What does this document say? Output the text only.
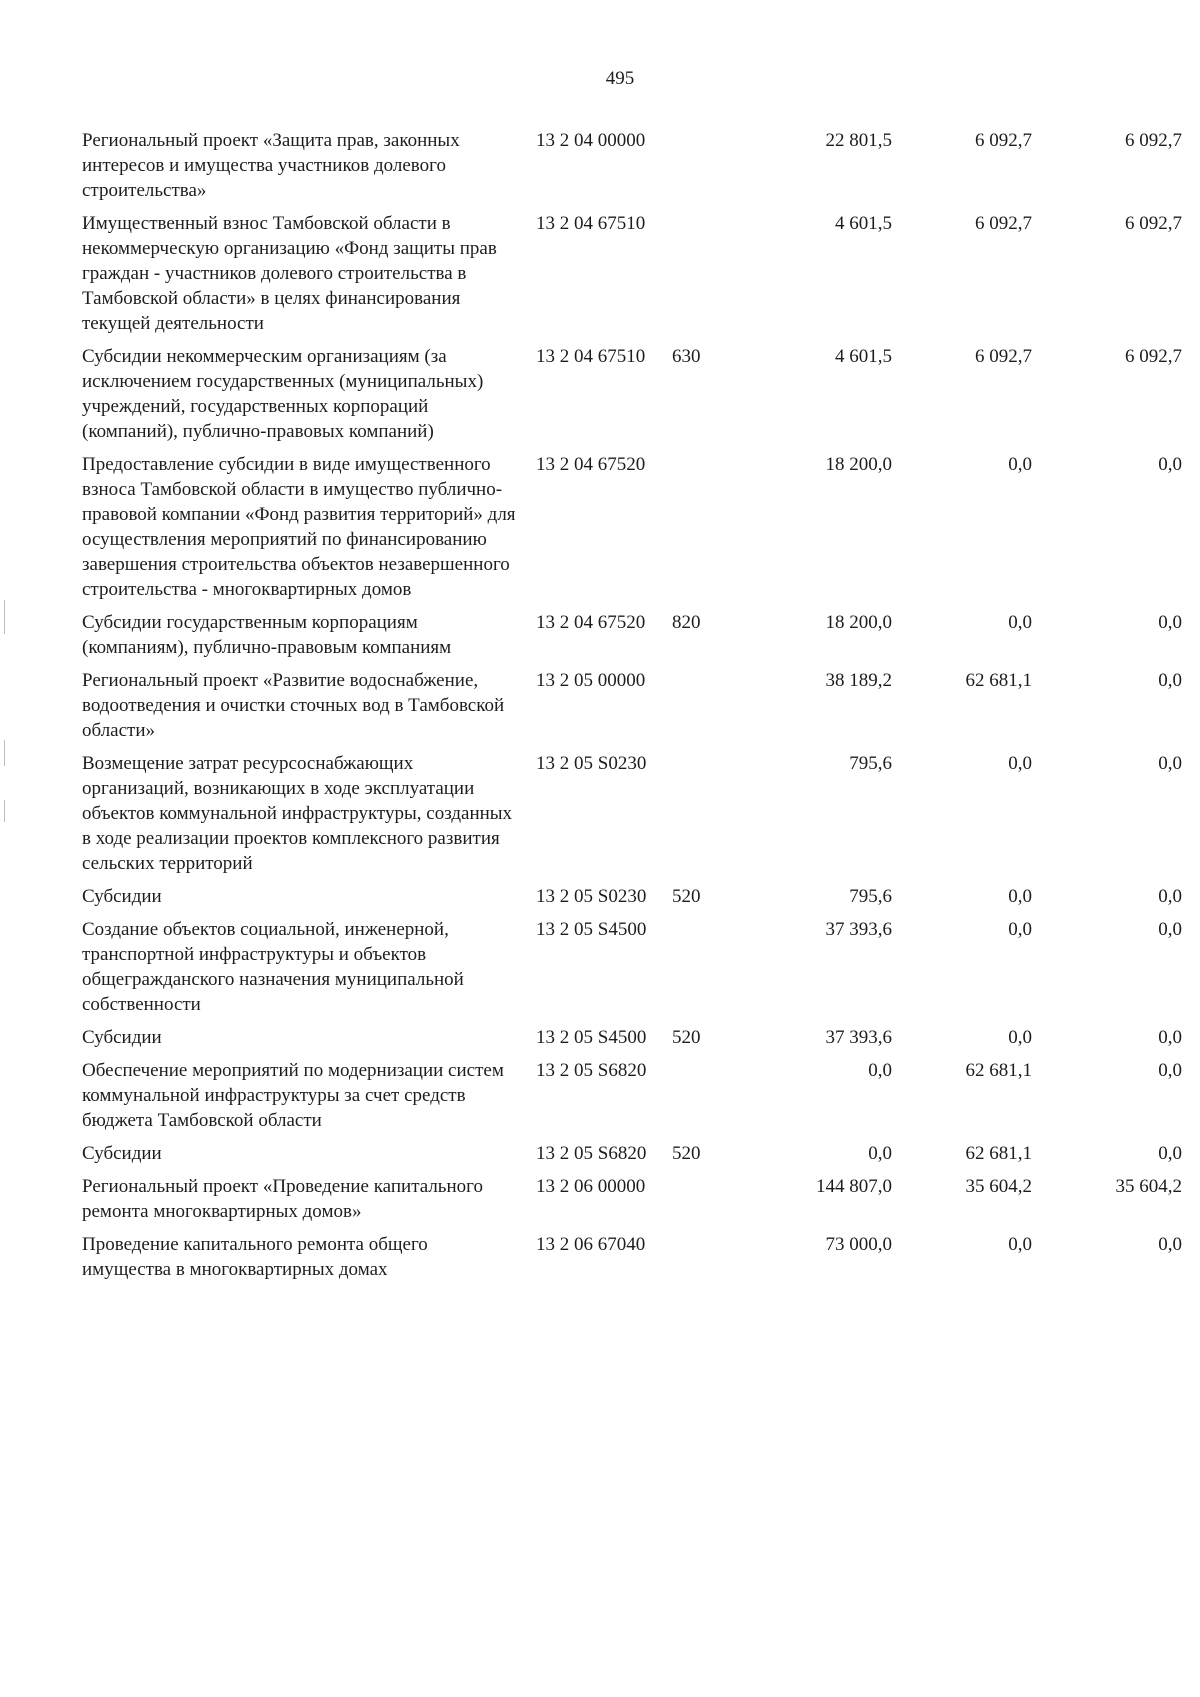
495
Региональный проект «Защита прав, законных интересов и имущества участников долевого строительства»	13 2 04 00000		22 801,5	6 092,7	6 092,7
Имущественный взнос Тамбовской области в некоммерческую организацию «Фонд защиты прав граждан - участников долевого строительства в Тамбовской области» в целях финансирования текущей деятельности	13 2 04 67510		4 601,5	6 092,7	6 092,7
Субсидии некоммерческим организациям (за исключением государственных (муниципальных) учреждений, государственных корпораций (компаний), публично-правовых компаний)	13 2 04 67510	630	4 601,5	6 092,7	6 092,7
Предоставление субсидии в виде имущественного взноса Тамбовской области в имущество публично-правовой компании «Фонд развития территорий» для осуществления мероприятий по финансированию завершения строительства объектов незавершенного строительства - многоквартирных домов	13 2 04 67520		18 200,0	0,0	0,0
Субсидии государственным корпорациям (компаниям), публично-правовым компаниям	13 2 04 67520	820	18 200,0	0,0	0,0
Региональный проект «Развитие водоснабжение, водоотведения и очистки сточных вод в Тамбовской области»	13 2 05 00000		38 189,2	62 681,1	0,0
Возмещение затрат ресурсоснабжающих организаций, возникающих в ходе эксплуатации объектов коммунальной инфраструктуры, созданных в ходе реализации проектов комплексного развития сельских территорий	13 2 05 S0230		795,6	0,0	0,0
Субсидии	13 2 05 S0230	520	795,6	0,0	0,0
Создание объектов социальной, инженерной, транспортной инфраструктуры и объектов общегражданского назначения муниципальной собственности	13 2 05 S4500		37 393,6	0,0	0,0
Субсидии	13 2 05 S4500	520	37 393,6	0,0	0,0
Обеспечение мероприятий по модернизации систем коммунальной инфраструктуры за счет средств бюджета Тамбовской области	13 2 05 S6820		0,0	62 681,1	0,0
Субсидии	13 2 05 S6820	520	0,0	62 681,1	0,0
Региональный проект «Проведение капитального ремонта многоквартирных домов»	13 2 06 00000		144 807,0	35 604,2	35 604,2
Проведение капитального ремонта общего имущества в многоквартирных домах	13 2 06 67040		73 000,0	0,0	0,0
